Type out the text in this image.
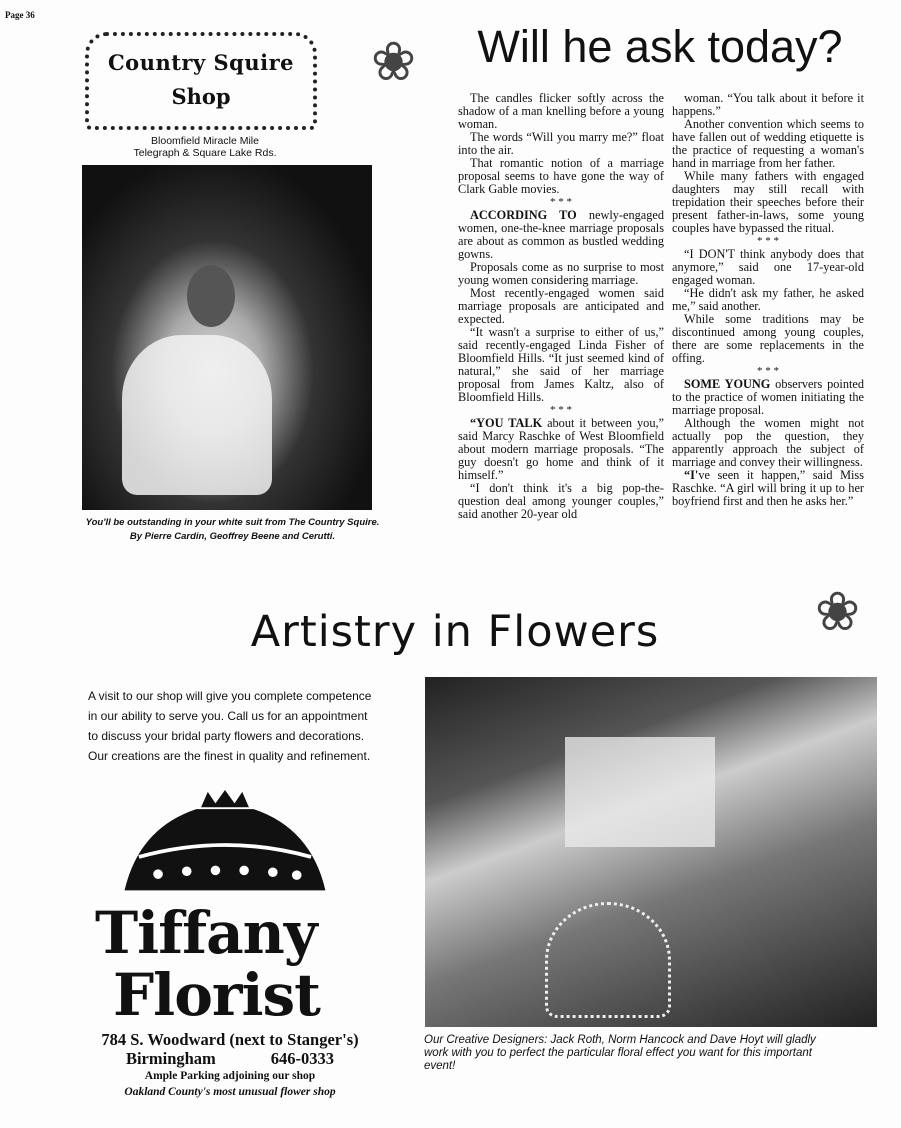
Page 36
Country Squire
Shop
Bloomfield Miracle Mile
Telegraph & Square Lake Rds.
You'll be outstanding in your white suit from The Country Squire.
By Pierre Cardin, Geoffrey Beene and Cerutti.
❀	Will he ask today?

The candles flicker softly across the shadow of a man knelling before a young woman.

The words “Will you marry me?” float into the air.

That romantic notion of a marriage proposal seems to have gone the way of Clark Gable movies.

* * *

ACCORDING TO newly-engaged women, one-the-knee marriage proposals are about as common as bustled wedding gowns.

Proposals come as no surprise to most young women considering marriage.

Most recently-engaged women said marriage proposals are anticipated and expected.

“It wasn't a surprise to either of us,” said recently-engaged Linda Fisher of Bloomfield Hills. “It just seemed kind of natural,” she said of her marriage proposal from James Kaltz, also of Bloomfield Hills.

* * *

“YOU TALK about it between you,” said Marcy Raschke of West Bloomfield about modern marriage proposals. “The guy doesn't go home and think of it himself.”

“I don't think it's a big pop-the-question deal among younger couples,” said another 20-year old

woman. “You talk about it before it happens.”

Another convention which seems to have fallen out of wedding etiquette is the practice of requesting a woman's hand in marriage from her father.

While many fathers with engaged daughters may still recall with trepidation their speeches before their present father-in-laws, some young couples have bypassed the ritual.

* * *

“I DON'T think anybody does that anymore,” said one 17-year-old engaged woman.

“He didn't ask my father, he asked me,” said another.

While some traditions may be discontinued among young couples, there are some replacements in the offing.

* * *

SOME YOUNG observers pointed to the practice of women initiating the marriage proposal.

Although the women might not actually pop the question, they apparently approach the subject of marriage and convey their willingness.

“I've seen it happen,” said Miss Raschke. “A girl will bring it up to her boyfriend first and then he asks her.”

Artistry in Flowers	❀
A visit to our shop will give you complete competence in our ability to serve you. Call us for an appointment to discuss your bridal party flowers and decorations. Our creations are the finest in quality and refinement.
Tiffany
Florist
784 S. Woodward (next to Stanger's)
Birmingham	646-0333
Ample Parking adjoining our shop
Oakland County's most unusual flower shop
Our Creative Designers: Jack Roth, Norm Hancock and Dave Hoyt will gladly work with you to perfect the particular floral effect you want for this important event!
